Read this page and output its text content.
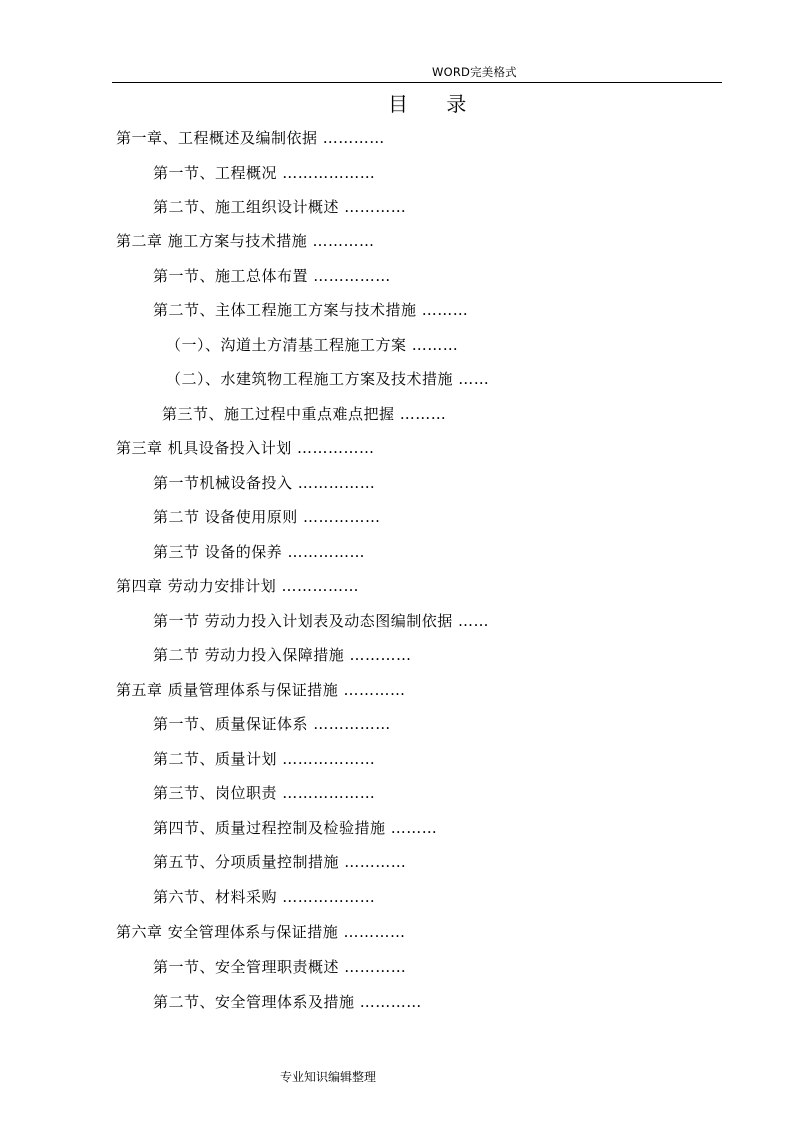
WORD完美格式
目 录
第一章、工程概述及编制依据 …………
第一节、工程概况 ………………
第二节、施工组织设计概述 …………
第二章 施工方案与技术措施 …………
第一节、施工总体布置 ……………
第二节、主体工程施工方案与技术措施 ………
（一）、沟道土方清基工程施工方案 ………
（二）、水建筑物工程施工方案及技术措施 ……
第三节、施工过程中重点难点把握 ………
第三章 机具设备投入计划 ……………
第一节机械设备投入 ……………
第二节 设备使用原则 ……………
第三节 设备的保养 ……………
第四章 劳动力安排计划 ……………
第一节 劳动力投入计划表及动态图编制依据 ……
第二节 劳动力投入保障措施 …………
第五章 质量管理体系与保证措施 …………
第一节、质量保证体系 ……………
第二节、质量计划 ………………
第三节、岗位职责 ………………
第四节、质量过程控制及检验措施 ………
第五节、分项质量控制措施 …………
第六节、材料采购 ………………
第六章 安全管理体系与保证措施 …………
第一节、安全管理职责概述 …………
第二节、安全管理体系及措施 …………
专业知识编辑整理
